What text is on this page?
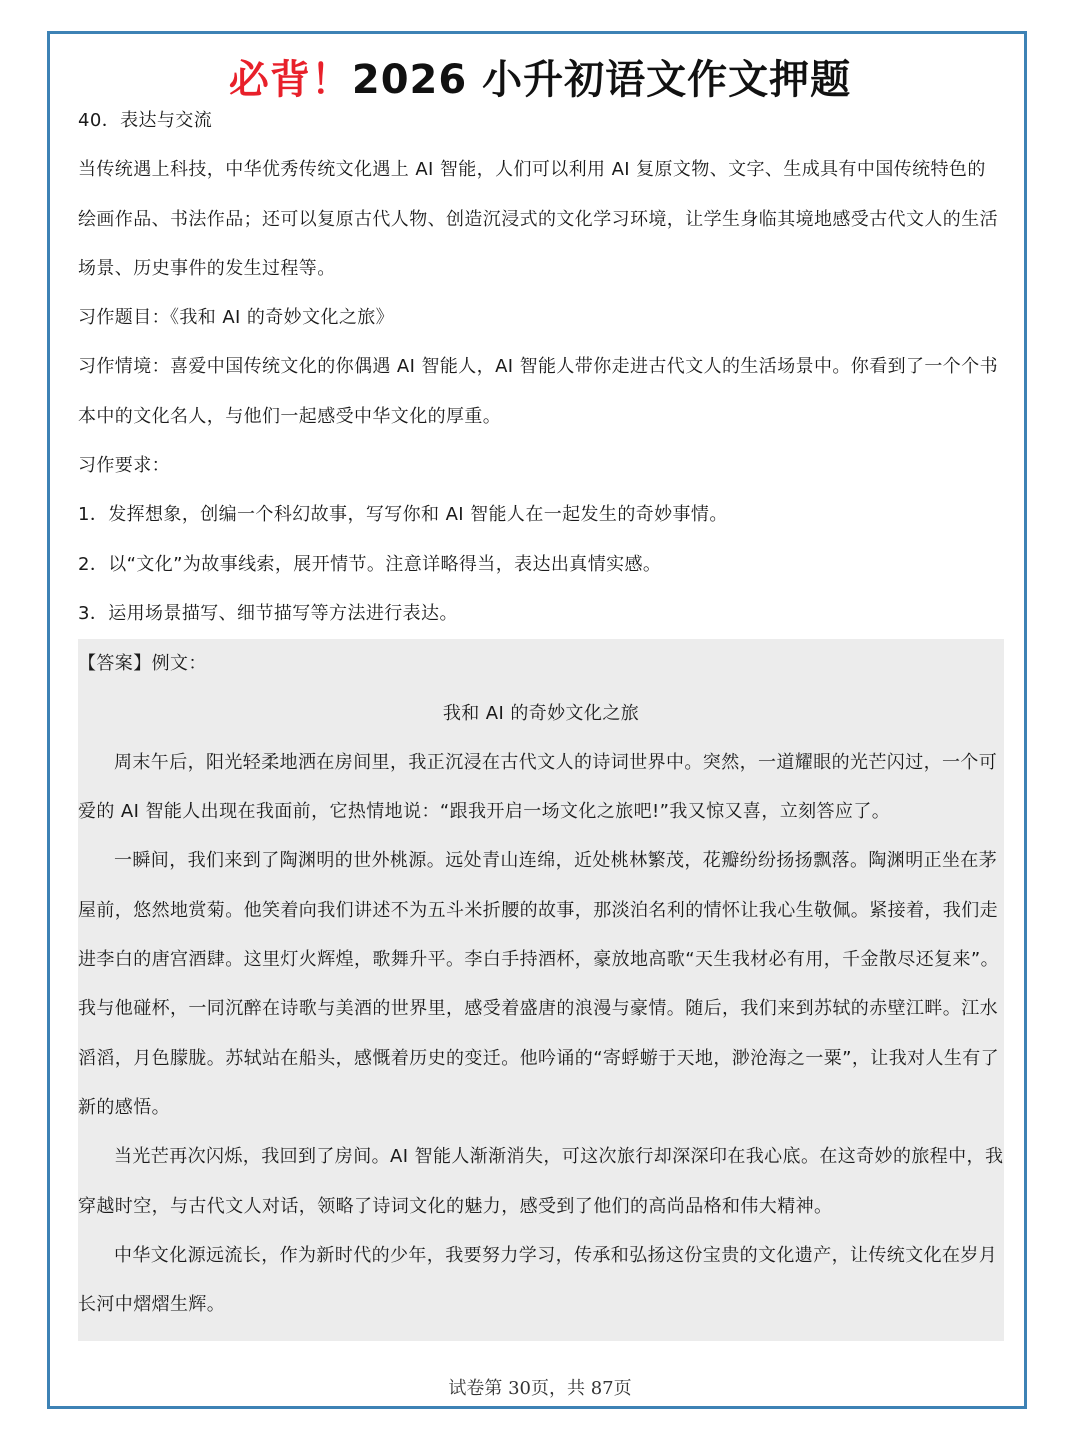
必背！2026 小升初语文作文押题

40．表达与交流

当传统遇上科技，中华优秀传统文化遇上 AI 智能，人们可以利用 AI 复原文物、文字、生成具有中国传统特色的绘画作品、书法作品；还可以复原古代人物、创造沉浸式的文化学习环境，让学生身临其境地感受古代文人的生活场景、历史事件的发生过程等。

习作题目：《我和 AI 的奇妙文化之旅》

习作情境：喜爱中国传统文化的你偶遇 AI 智能人，AI 智能人带你走进古代文人的生活场景中。你看到了一个个书本中的文化名人，与他们一起感受中华文化的厚重。

习作要求：

1．发挥想象，创编一个科幻故事，写写你和 AI 智能人在一起发生的奇妙事情。

2．以“文化”为故事线索，展开情节。注意详略得当，表达出真情实感。

3．运用场景描写、细节描写等方法进行表达。

【答案】例文：

我和 AI 的奇妙文化之旅

周末午后，阳光轻柔地洒在房间里，我正沉浸在古代文人的诗词世界中。突然，一道耀眼的光芒闪过，一个可爱的 AI 智能人出现在我面前，它热情地说：“跟我开启一场文化之旅吧!”我又惊又喜，立刻答应了。

一瞬间，我们来到了陶渊明的世外桃源。远处青山连绵，近处桃林繁茂，花瓣纷纷扬扬飘落。陶渊明正坐在茅屋前，悠然地赏菊。他笑着向我们讲述不为五斗米折腰的故事，那淡泊名利的情怀让我心生敬佩。紧接着，我们走进李白的唐宫酒肆。这里灯火辉煌，歌舞升平。李白手持酒杯，豪放地高歌“天生我材必有用，千金散尽还复来”。我与他碰杯，一同沉醉在诗歌与美酒的世界里，感受着盛唐的浪漫与豪情。随后，我们来到苏轼的赤壁江畔。江水滔滔，月色朦胧。苏轼站在船头，感慨着历史的变迁。他吟诵的“寄蜉蝣于天地，渺沧海之一粟”，让我对人生有了新的感悟。

当光芒再次闪烁，我回到了房间。AI 智能人渐渐消失，可这次旅行却深深印在我心底。在这奇妙的旅程中，我穿越时空，与古代文人对话，领略了诗词文化的魅力，感受到了他们的高尚品格和伟大精神。

中华文化源远流长，作为新时代的少年，我要努力学习，传承和弘扬这份宝贵的文化遗产，让传统文化在岁月长河中熠熠生辉。

试卷第 30页，共 87页
